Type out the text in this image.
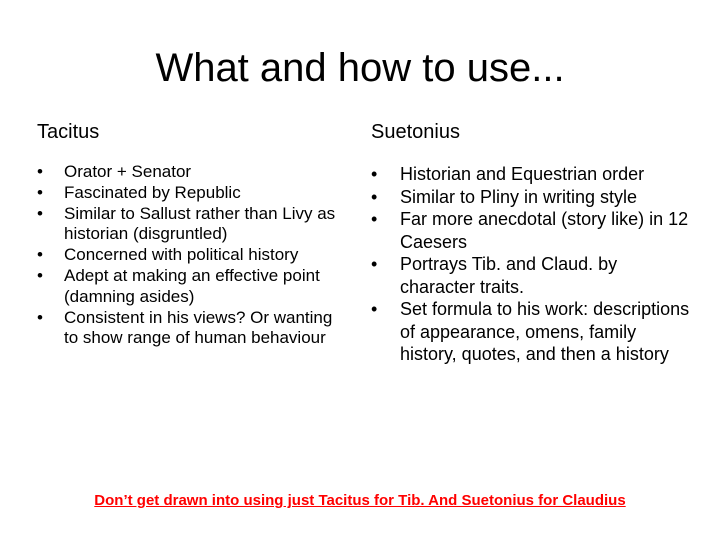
What and how to use...
Tacitus	Suetonius
• Orator + Senator
• Fascinated by Republic
• Similar to Sallust rather than Livy as historian (disgruntled)
• Concerned with political history
• Adept at making an effective point (damning asides)
• Consistent in his views? Or wanting to show range of human behaviour
• Historian and Equestrian order
• Similar to Pliny in writing style
• Far more anecdotal (story like) in 12 Caesers
• Portrays Tib. and Claud. by character traits.
• Set formula to his work: descriptions of appearance, omens, family history, quotes, and then a history
Don’t get drawn into using just Tacitus for Tib. And Suetonius for Claudius
